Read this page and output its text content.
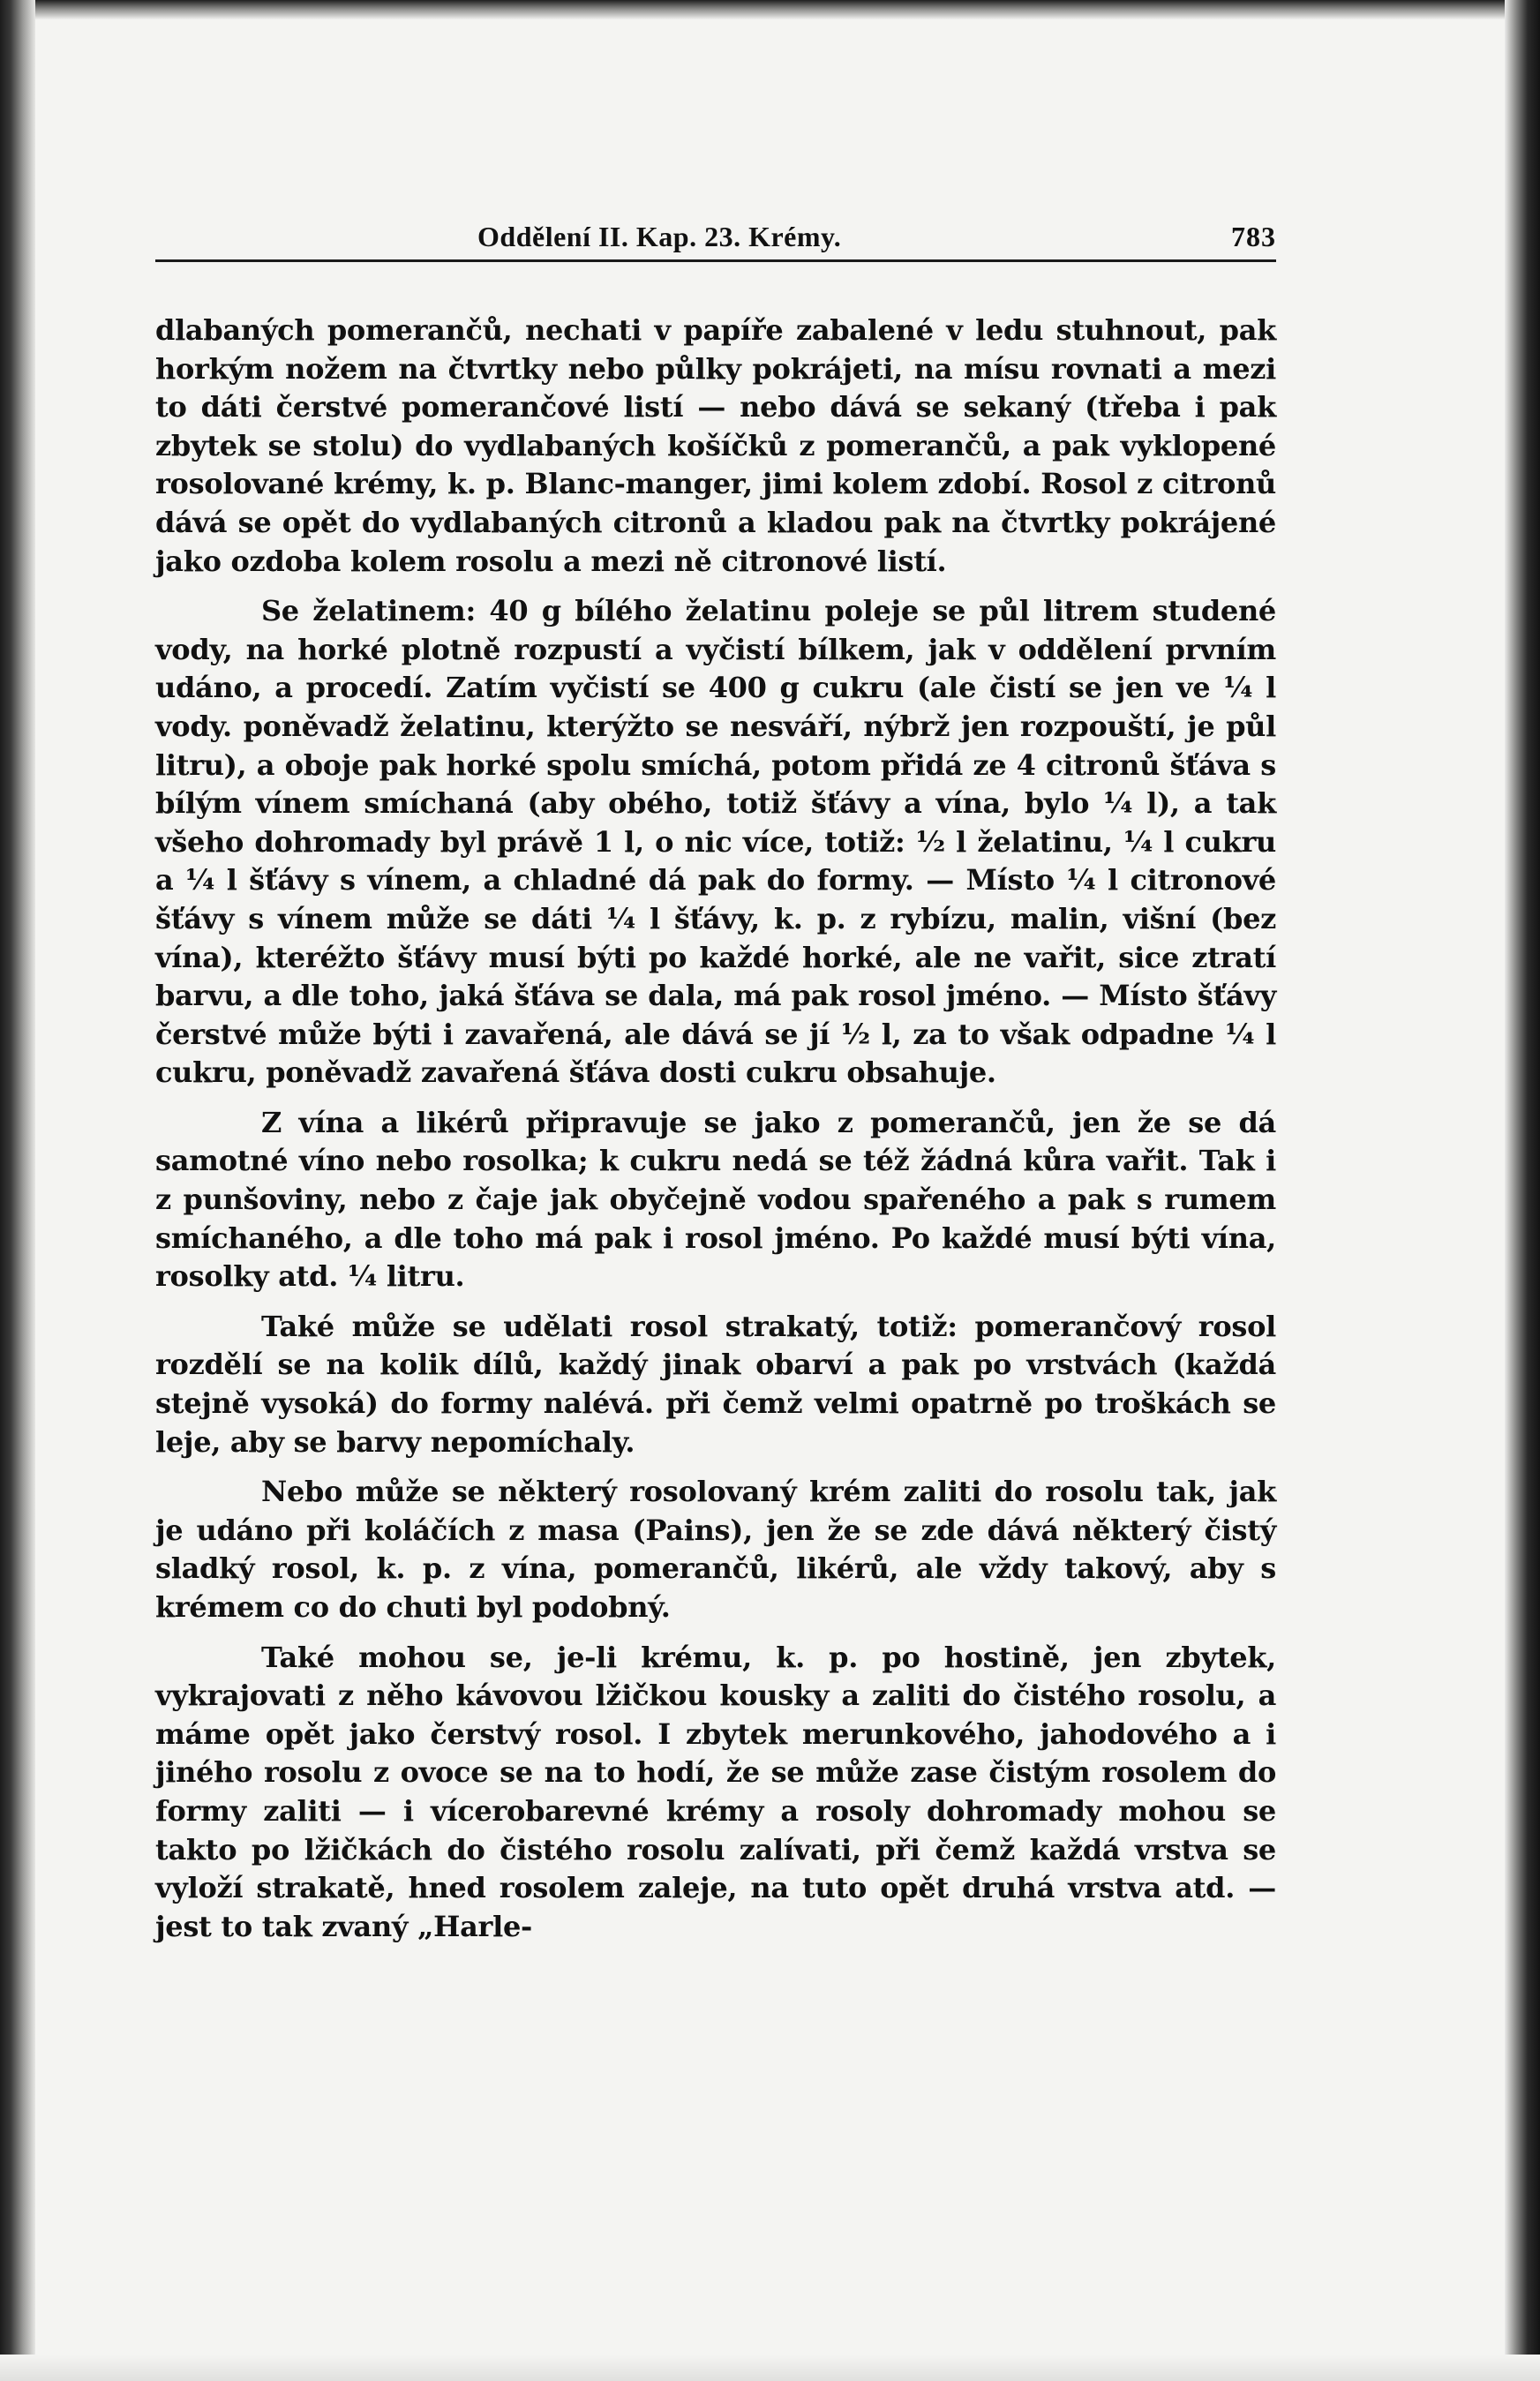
Oddělení II. Kap. 23. Krémy.	783

dlabaných pomerančů, nechati v papíře zabalené v ledu stuhnout, pak horkým nožem na čtvrtky nebo půlky pokrájeti, na mísu rovnati a mezi to dáti čerstvé pomerančové listí — nebo dává se sekaný (třeba i pak zbytek se stolu) do vydlabaných košíčků z pomerančů, a pak vyklopené rosolované krémy, k. p. Blanc-manger, jimi kolem zdobí. Rosol z citronů dává se opět do vydlabaných citronů a kladou pak na čtvrtky pokrájené jako ozdoba kolem rosolu a mezi ně citronové listí.

Se želatinem: 40 g bílého želatinu poleje se půl litrem studené vody, na horké plotně rozpustí a vyčistí bílkem, jak v oddělení prvním udáno, a procedí. Zatím vyčistí se 400 g cukru (ale čistí se jen ve ¼ l vody. poněvadž želatinu, kterýžto se nesváří, nýbrž jen rozpouští, je půl litru), a oboje pak horké spolu smíchá, potom přidá ze 4 citronů šťáva s bílým vínem smíchaná (aby obého, totiž šťávy a vína, bylo ¼ l), a tak všeho dohromady byl právě 1 l, o nic více, totiž: ½ l želatinu, ¼ l cukru a ¼ l šťávy s vínem, a chladné dá pak do formy. — Místo ¼ l citronové šťávy s vínem může se dáti ¼ l šťávy, k. p. z rybízu, malin, višní (bez vína), kteréžto šťávy musí býti po každé horké, ale ne vařit, sice ztratí barvu, a dle toho, jaká šťáva se dala, má pak rosol jméno. — Místo šťávy čerstvé může býti i zavařená, ale dává se jí ½ l, za to však odpadne ¼ l cukru, poněvadž zavařená šťáva dosti cukru obsahuje.

Z vína a likérů připravuje se jako z pomerančů, jen že se dá samotné víno nebo rosolka; k cukru nedá se též žádná kůra vařit. Tak i z punšoviny, nebo z čaje jak obyčejně vodou spařeného a pak s rumem smíchaného, a dle toho má pak i rosol jméno. Po každé musí býti vína, rosolky atd. ¼ litru.

Také může se udělati rosol strakatý, totiž: pomerančový rosol rozdělí se na kolik dílů, každý jinak obarví a pak po vrstvách (každá stejně vysoká) do formy nalévá. při čemž velmi opatrně po troškách se leje, aby se barvy nepomíchaly.

Nebo může se některý rosolovaný krém zaliti do rosolu tak, jak je udáno při koláčích z masa (Pains), jen že se zde dává některý čistý sladký rosol, k. p. z vína, pomerančů, likérů, ale vždy takový, aby s krémem co do chuti byl podobný.

Také mohou se, je-li krému, k. p. po hostině, jen zbytek, vykrajovati z něho kávovou lžičkou kousky a zaliti do čistého rosolu, a máme opět jako čerstvý rosol. I zbytek merunkového, jahodového a i jiného rosolu z ovoce se na to hodí, že se může zase čistým rosolem do formy zaliti — i vícerobarevné krémy a rosoly dohromady mohou se takto po lžičkách do čistého rosolu zalívati, při čemž každá vrstva se vyloží strakatě, hned rosolem zaleje, na tuto opět druhá vrstva atd. — jest to tak zvaný „Harle-
